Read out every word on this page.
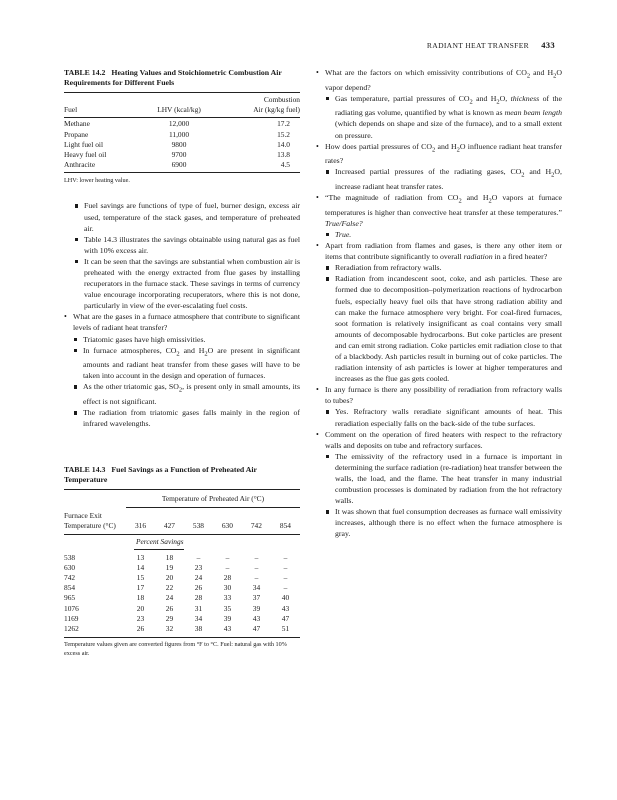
RADIANT HEAT TRANSFER 433
TABLE 14.2 Heating Values and Stoichiometric Combustion Air Requirements for Different Fuels
		Combustion
Fuel	LHV (kcal/kg)	Air (kg/kg fuel)
Methane	12,000	17.2
Propane	11,000	15.2
Light fuel oil	9800	14.0
Heavy fuel oil	9700	13.8
Anthracite	6900	4.5
LHV: lower heating value.
Fuel savings are functions of type of fuel, burner design, excess air used, temperature of the stack gases, and temperature of preheated air.
Table 14.3 illustrates the savings obtainable using natural gas as fuel with 10% excess air.
It can be seen that the savings are substantial when combustion air is preheated with the energy extracted from flue gases by installing recuperators in the furnace stack. These savings in terms of currency value encourage incorporating recuperators, where this is not done, particularly in view of the ever-escalating fuel costs.
• What are the gases in a furnace atmosphere that contribute to significant levels of radiant heat transfer?
Triatomic gases have high emissivities.
In furnace atmospheres, $CO_2$ and $H_2O$ are present in significant amounts and radiant heat transfer from these gases will have to be taken into account in the design and operation of furnaces.
As the other triatomic gas, $SO_2$, is present only in small amounts, its effect is not significant.
The radiation from triatomic gases falls mainly in the region of infrared wavelengths.
TABLE 14.3 Fuel Savings as a Function of Preheated Air Temperature
	Temperature of Preheated Air (°C)					
Furnace Exit						
Temperature (°C)	316	427	538	630	742	854
	Percent Savings
538	13	18	–	–	–	–
630	14	19	23	–	–	–
742	15	20	24	28	–	–
854	17	22	26	30	34	–
965	18	24	28	33	37	40
1076	20	26	31	35	39	43
1169	23	29	34	39	43	47
1262	26	32	38	43	47	51
Temperature values given are converted figures from °F to °C. Fuel: natural gas with 10% excess air.
• What are the factors on which emissivity contributions of $CO_2$ and $H_2O$ vapor depend?
Gas temperature, partial pressures of $CO_2$ and $H_2O$, thickness of the radiating gas volume, quantified by what is known as mean beam length (which depends on shape and size of the furnace), and to a small extent on pressure.
• How does partial pressures of $CO_2$ and $H_2O$ influence radiant heat transfer rates?
Increased partial pressures of the radiating gases, $CO_2$ and $H_2O$, increase radiant heat transfer rates.
• “The magnitude of radiation from $CO_2$ and $H_2O$ vapors at furnace temperatures is higher than convective heat transfer at these temperatures.” True/False?
True.
• Apart from radiation from flames and gases, is there any other item or items that contribute significantly to overall radiation in a fired heater?
Reradiation from refractory walls.
Radiation from incandescent soot, coke, and ash particles. These are formed due to decomposition–polymerization reactions of hydrocarbon fuels, especially heavy fuel oils that have strong radiation ability and can make the furnace atmosphere very bright. For coal-fired furnaces, soot formation is relatively insignificant as coal contains very small amounts of decomposable hydrocarbons. But coke particles are present and can emit strong radiation. Coke particles emit radiation close to that of a blackbody. Ash particles result in burning out of coke particles. The radiation intensity of ash particles is lower at higher temperatures and increases as the flue gas gets cooled.
• In any furnace is there any possibility of reradiation from refractory walls to tubes?
Yes. Refractory walls reradiate significant amounts of heat. This reradiation especially falls on the back-side of the tube surfaces.
• Comment on the operation of fired heaters with respect to the refractory walls and deposits on tube and refractory surfaces.
The emissivity of the refractory used in a furnace is important in determining the surface radiation (re-radiation) heat transfer between the walls, the load, and the flame. The heat transfer in many industrial combustion processes is dominated by radiation from the hot refractory walls.
It was shown that fuel consumption decreases as furnace wall emissivity increases, although there is no effect when the furnace atmosphere is gray.
